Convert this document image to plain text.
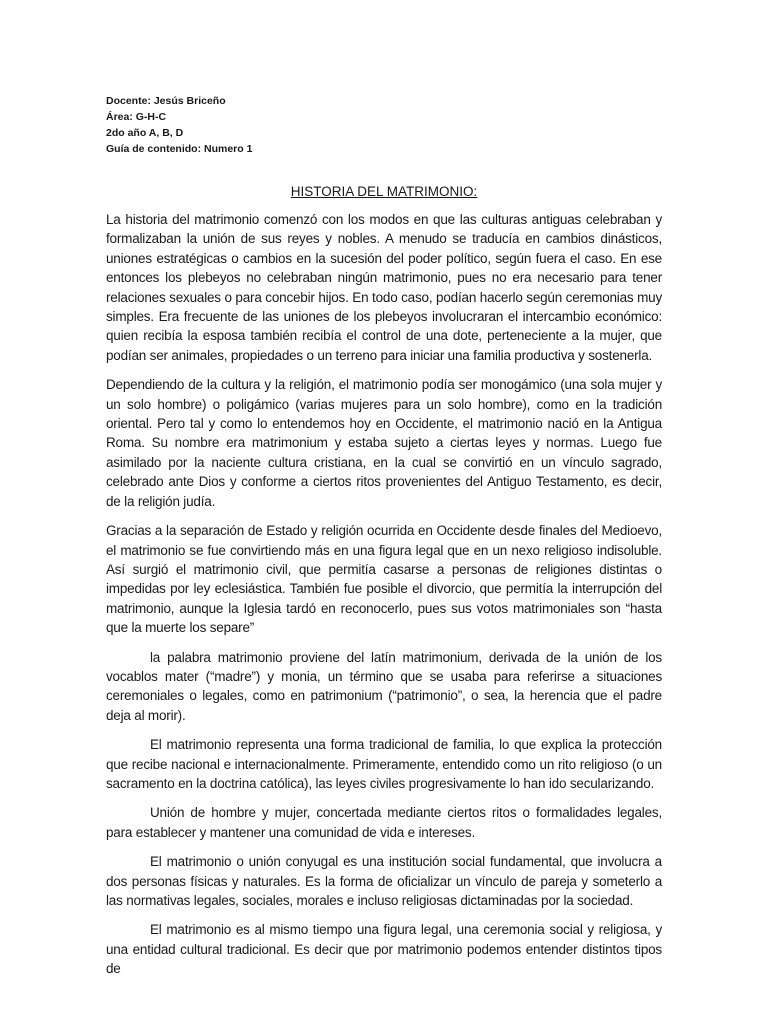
Docente: Jesús Briceño
Área: G-H-C
2do año A, B, D
Guía de contenido: Numero 1
HISTORIA DEL MATRIMONIO:

La historia del matrimonio comenzó con los modos en que las culturas antiguas celebraban y formalizaban la unión de sus reyes y nobles. A menudo se traducía en cambios dinásticos, uniones estratégicas o cambios en la sucesión del poder político, según fuera el caso. En ese entonces los plebeyos no celebraban ningún matrimonio, pues no era necesario para tener relaciones sexuales o para concebir hijos. En todo caso, podían hacerlo según ceremonias muy simples. Era frecuente de las uniones de los plebeyos involucraran el intercambio económico: quien recibía la esposa también recibía el control de una dote, perteneciente a la mujer, que podían ser animales, propiedades o un terreno para iniciar una familia productiva y sostenerla.

Dependiendo de la cultura y la religión, el matrimonio podía ser monogámico (una sola mujer y un solo hombre) o poligámico (varias mujeres para un solo hombre), como en la tradición oriental. Pero tal y como lo entendemos hoy en Occidente, el matrimonio nació en la Antigua Roma. Su nombre era matrimonium y estaba sujeto a ciertas leyes y normas. Luego fue asimilado por la naciente cultura cristiana, en la cual se convirtió en un vínculo sagrado, celebrado ante Dios y conforme a ciertos ritos provenientes del Antiguo Testamento, es decir, de la religión judía.

Gracias a la separación de Estado y religión ocurrida en Occidente desde finales del Medioevo, el matrimonio se fue convirtiendo más en una figura legal que en un nexo religioso indisoluble. Así surgió el matrimonio civil, que permitía casarse a personas de religiones distintas o impedidas por ley eclesiástica. También fue posible el divorcio, que permitía la interrupción del matrimonio, aunque la Iglesia tardó en reconocerlo, pues sus votos matrimoniales son “hasta que la muerte los separe”

la palabra matrimonio proviene del latín matrimonium, derivada de la unión de los vocablos mater (“madre”) y monia, un término que se usaba para referirse a situaciones ceremoniales o legales, como en patrimonium (“patrimonio”, o sea, la herencia que el padre deja al morir).

El matrimonio representa una forma tradicional de familia, lo que explica la protección que recibe nacional e internacionalmente. Primeramente, entendido como un rito religioso (o un sacramento en la doctrina católica), las leyes civiles progresivamente lo han ido secularizando.

Unión de hombre y mujer, concertada mediante ciertos ritos o formalidades legales, para establecer y mantener una comunidad de vida e intereses.

El matrimonio o unión conyugal es una institución social fundamental, que involucra a dos personas físicas y naturales. Es la forma de oficializar un vínculo de pareja y someterlo a las normativas legales, sociales, morales e incluso religiosas dictaminadas por la sociedad.

El matrimonio es al mismo tiempo una figura legal, una ceremonia social y religiosa, y una entidad cultural tradicional. Es decir que por matrimonio podemos entender distintos tipos de
